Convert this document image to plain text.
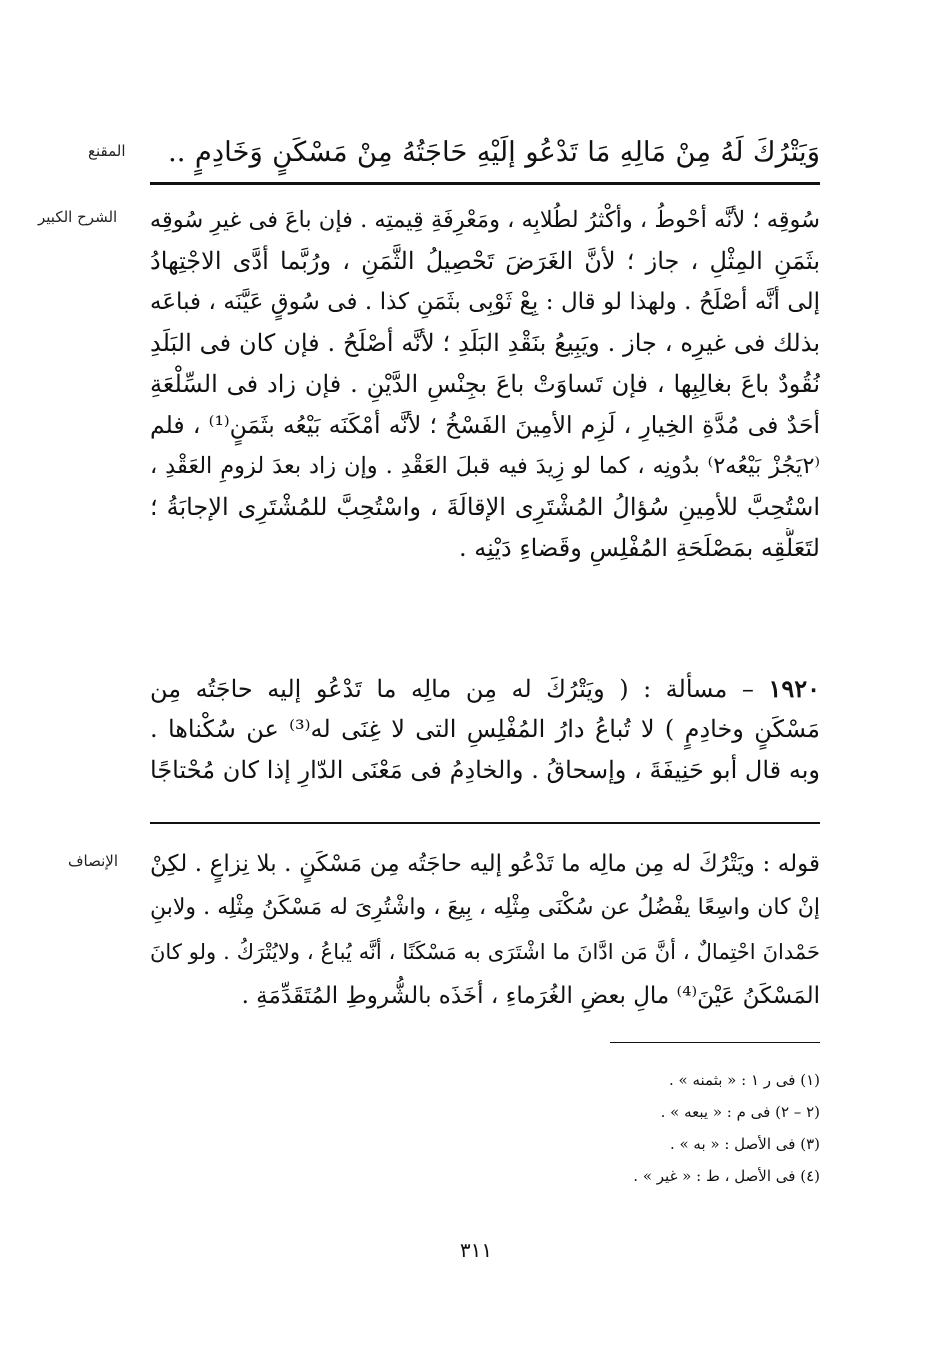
المقنع وَيَتْرُكَ لَهُ مِنْ مَالِهِ مَا تَدْعُو إلَيْهِ حَاجَتُهُ مِنْ مَسْكَنٍ وَخَادِمٍ ..
الشرح الكبير سُوقِه ؛ لأنَّه أحْوطُ ، وأكْثرُ لطُلابِه ، ومَعْرِفَةِ قِيمتِه . فإن باعَ فى غيرِ سُوقِه
بثَمَنِ المِثْلِ ، جاز ؛ لأنَّ الغَرَضَ تَحْصِيلُ الثَّمَنِ ، ورُبَّما أدَّى الاجْتِهادُ
إلى أنَّه أصْلَحُ . ولهذا لو قال : بِعْ ثَوْبِى بثَمَنِ كذا . فى سُوقٍ عَيَّنَه ، فباعَه
بذلك فى غيرِه ، جاز . ويَبِيعُ بنَقْدِ البَلَدِ ؛ لأنَّه أصْلَحُ . فإن كان فى البَلَدِ
نُقُودٌ باعَ بغالِبِها ، فإن تَساوَتْ باعَ بجِنْسِ الدَّيْنِ . فإن زاد فى السِّلْعَةِ
أحَدٌ فى مُدَّةِ الخِيارِ ، لَزِم الأمِينَ الفَسْخُ ؛ لأنَّه أمْكَنَه بَيْعُه بثَمَنٍ⁽¹⁾ ، فلم
⁽٢يَجُزْ بَيْعُه٢⁾ بدُونِه ، كما لو زِيدَ فيه قبلَ العَقْدِ . وإن زاد بعدَ لزومِ العَقْدِ ،
اسْتُحِبَّ للأمِينِ سُؤالُ المُشْتَرِى الإقالَةَ ، واسْتُحِبَّ للمُشْتَرِى الإجابَةُ ؛
لتَعَلُّقِه بمَصْلَحَةِ المُفْلِسِ وقَضاءِ دَيْنِه .
١٩٢٠ – مسألة : ( ويَتْرُكَ له مِن مالِه ما تَدْعُو إليه حاجَتُه مِن
مَسْكَنٍ وخادِمٍ ) لا تُباعُ دارُ المُفْلِسِ التى لا غِنَى له⁽³⁾ عن سُكْناها .
وبه قال أبو حَنِيفَةَ ، وإسحاقُ . والخادِمُ فى مَعْنَى الدّارِ إذا كان مُحْتاجًا
الإنصاف قوله : ويَتْرُكَ له مِن مالِه ما تَدْعُو إليه حاجَتُه مِن مَسْكَنٍ . بلا نِزاعٍ . لكِنْ
إنْ كان واسِعًا يفْضُلُ عن سُكْنَى مِثْلِه ، بِيعَ ، واشْتُرِىَ له مَسْكَنُ مِثْلِه . ولابنِ
حَمْدانَ احْتِمالٌ ، أنَّ مَن ادَّانَ ما اشْتَرَى به مَسْكَنًا ، أنَّه يُباعُ ، ولايُتْرَكُ . ولو كانَ
المَسْكَنُ عَيْنَ⁽⁴⁾ مالِ بعضِ الغُرَماءِ ، أخَذَه بالشُّروطِ المُتَقَدِّمَةِ .
(١) فى ر ١ : « بثمنه » .
(٢ – ٢) فى م : « يبعه » .
(٣) فى الأصل : « به » .
(٤) فى الأصل ، ط : « غير » .
٣١١
